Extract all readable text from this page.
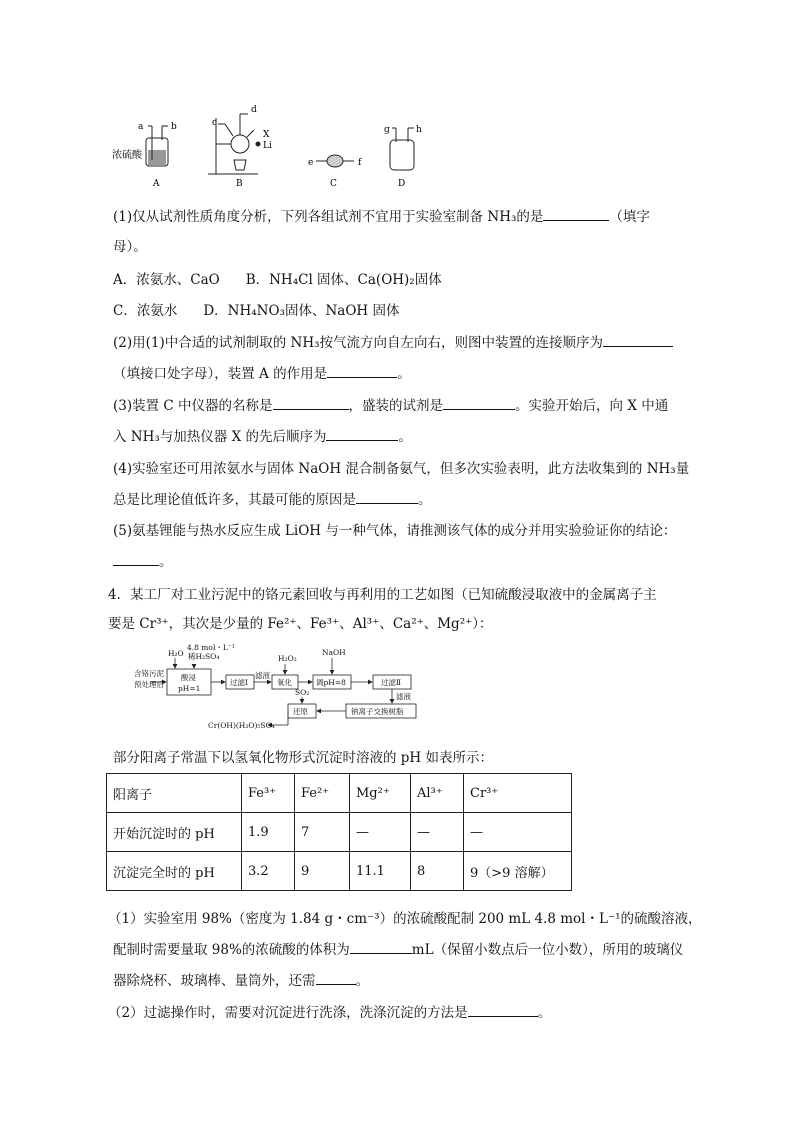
a	b
浓硫酸
A
d
c
X
Li
B
e	f
C
g	h
D
(1)仅从试剂性质角度分析，下列各组试剂不宜用于实验室制备 NH₃的是	（填字
母）。
A．浓氨水、CaO B．NH₄Cl 固体、Ca(OH)₂固体
C．浓氨水 D．NH₄NO₃固体、NaOH 固体
(2)用(1)中合适的试剂制取的 NH₃按气流方向自左向右，则图中装置的连接顺序为
（填接口处字母），装置 A 的作用是	。
(3)装置 C 中仪器的名称是	，盛装的试剂是	。实验开始后，向 X 中通
入 NH₃与加热仪器 X 的先后顺序为	。
(4)实验室还可用浓氨水与固体 NaOH 混合制备氨气，但多次实验表明，此方法收集到的 NH₃量
总是比理论值低许多，其最可能的原因是	。
(5)氨基锂能与热水反应生成 LiOH 与一种气体，请推测该气体的成分并用实验验证你的结论：
。
4．某工厂对工业污泥中的铬元素回收与再利用的工艺如图（已知硫酸浸取液中的金属离子主
要是 Cr³⁺，其次是少量的 Fe²⁺、Fe³⁺、Al³⁺、Ca²⁺、Mg²⁺）：
H₂O
4.8 mol・L⁻¹
稀H₂SO₄
含铬污泥
预处理后
酸浸
pH=1
过滤Ⅰ
滤液
H₂O₂
氧化
NaOH
调pH=8	过滤Ⅱ
滤液
SO₂
还原	钠离子交换树脂
Cr(OH)(H₂O)₅SO₄
部分阳离子常温下以氢氧化物形式沉淀时溶液的 pH 如表所示：
阳离子	Fe³⁺	Fe²⁺	Mg²⁺	Al³⁺	Cr³⁺
开始沉淀时的 pH	1.9	7	—	—	—
沉淀完全时的 pH	3.2	9	11.1	8	9（>9 溶解）
（1）实验室用 98%（密度为 1.84 g・cm⁻³）的浓硫酸配制 200 mL 4.8 mol・L⁻¹的硫酸溶液，
配制时需要量取 98%的浓硫酸的体积为	mL（保留小数点后一位小数），所用的玻璃仪
器除烧杯、玻璃棒、量筒外，还需	。
（2）过滤操作时，需要对沉淀进行洗涤，洗涤沉淀的方法是	。
